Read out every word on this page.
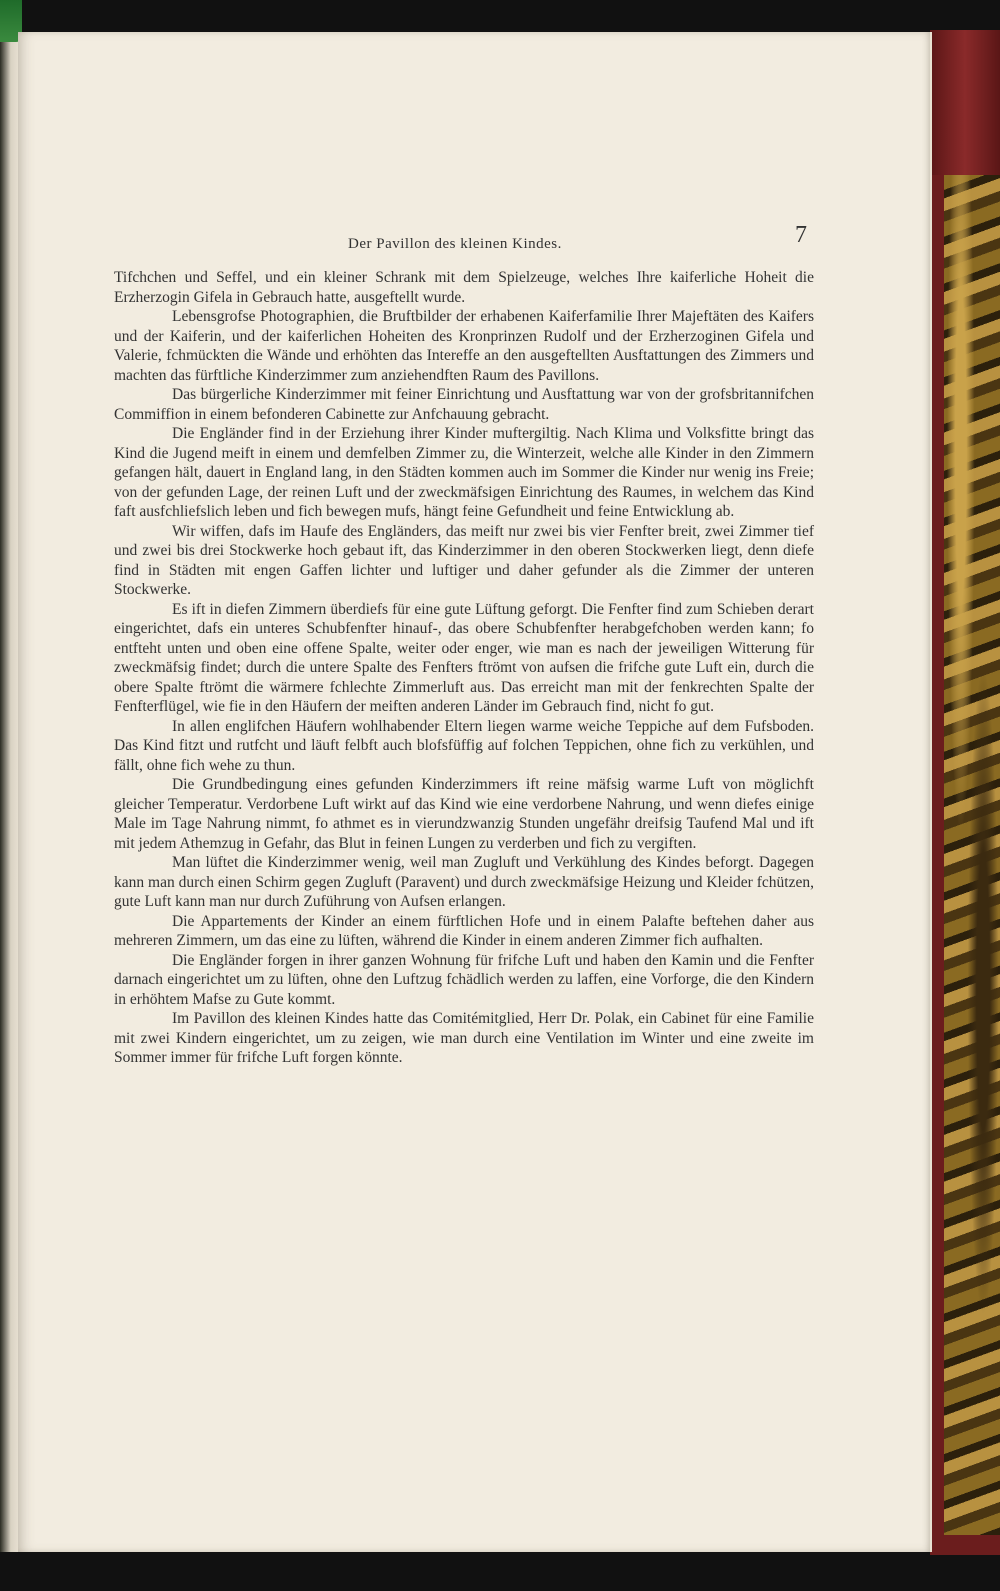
Der Pavillon des kleinen Kindes.	7

Tifchchen und Seffel, und ein kleiner Schrank mit dem Spielzeuge, welches Ihre kaiferliche Hoheit die Erzherzogin Gifela in Gebrauch hatte, ausgeftellt wurde.

Lebensgrofse Photographien, die Bruftbilder der erhabenen Kaiferfamilie Ihrer Majeftäten des Kaifers und der Kaiferin, und der kaiferlichen Hoheiten des Kronprinzen Rudolf und der Erzherzoginen Gifela und Valerie, fchmückten die Wände und erhöhten das Intereffe an den ausgeftellten Ausftattungen des Zimmers und machten das fürftliche Kinderzimmer zum anziehendften Raum des Pavillons.

Das bürgerliche Kinderzimmer mit feiner Einrichtung und Ausftattung war von der grofsbritannifchen Commiffion in einem befonderen Cabinette zur Anfchauung gebracht.

Die Engländer find in der Erziehung ihrer Kinder muftergiltig. Nach Klima und Volksfitte bringt das Kind die Jugend meift in einem und demfelben Zimmer zu, die Winterzeit, welche alle Kinder in den Zimmern gefangen hält, dauert in England lang, in den Städten kommen auch im Sommer die Kinder nur wenig ins Freie; von der gefunden Lage, der reinen Luft und der zweckmäfsigen Einrichtung des Raumes, in welchem das Kind faft ausfchliefslich leben und fich bewegen mufs, hängt feine Gefundheit und feine Entwicklung ab.

Wir wiffen, dafs im Haufe des Engländers, das meift nur zwei bis vier Fenfter breit, zwei Zimmer tief und zwei bis drei Stockwerke hoch gebaut ift, das Kinderzimmer in den oberen Stockwerken liegt, denn diefe find in Städten mit engen Gaffen lichter und luftiger und daher gefunder als die Zimmer der unteren Stockwerke.

Es ift in diefen Zimmern überdiefs für eine gute Lüftung geforgt. Die Fenfter find zum Schieben derart eingerichtet, dafs ein unteres Schubfenfter hinauf-, das obere Schubfenfter herabgefchoben werden kann; fo entfteht unten und oben eine offene Spalte, weiter oder enger, wie man es nach der jeweiligen Witterung für zweckmäfsig findet; durch die untere Spalte des Fenfters ftrömt von aufsen die frifche gute Luft ein, durch die obere Spalte ftrömt die wärmere fchlechte Zimmerluft aus. Das erreicht man mit der fenkrechten Spalte der Fenfterflügel, wie fie in den Häufern der meiften anderen Länder im Gebrauch find, nicht fo gut.

In allen englifchen Häufern wohlhabender Eltern liegen warme weiche Teppiche auf dem Fufsboden. Das Kind fitzt und rutfcht und läuft felbft auch blofsfüffig auf folchen Teppichen, ohne fich zu verkühlen, und fällt, ohne fich wehe zu thun.

Die Grundbedingung eines gefunden Kinderzimmers ift reine mäfsig warme Luft von möglichft gleicher Temperatur. Verdorbene Luft wirkt auf das Kind wie eine verdorbene Nahrung, und wenn diefes einige Male im Tage Nahrung nimmt, fo athmet es in vierundzwanzig Stunden ungefähr dreifsig Taufend Mal und ift mit jedem Athemzug in Gefahr, das Blut in feinen Lungen zu verderben und fich zu vergiften.

Man lüftet die Kinderzimmer wenig, weil man Zugluft und Verkühlung des Kindes beforgt. Dagegen kann man durch einen Schirm gegen Zugluft (Paravent) und durch zweckmäfsige Heizung und Kleider fchützen, gute Luft kann man nur durch Zuführung von Aufsen erlangen.

Die Appartements der Kinder an einem fürftlichen Hofe und in einem Palafte beftehen daher aus mehreren Zimmern, um das eine zu lüften, während die Kinder in einem anderen Zimmer fich aufhalten.

Die Engländer forgen in ihrer ganzen Wohnung für frifche Luft und haben den Kamin und die Fenfter darnach eingerichtet um zu lüften, ohne den Luftzug fchädlich werden zu laffen, eine Vorforge, die den Kindern in erhöhtem Mafse zu Gute kommt.

Im Pavillon des kleinen Kindes hatte das Comitémitglied, Herr Dr. Polak, ein Cabinet für eine Familie mit zwei Kindern eingerichtet, um zu zeigen, wie man durch eine Ventilation im Winter und eine zweite im Sommer immer für frifche Luft forgen könnte.
